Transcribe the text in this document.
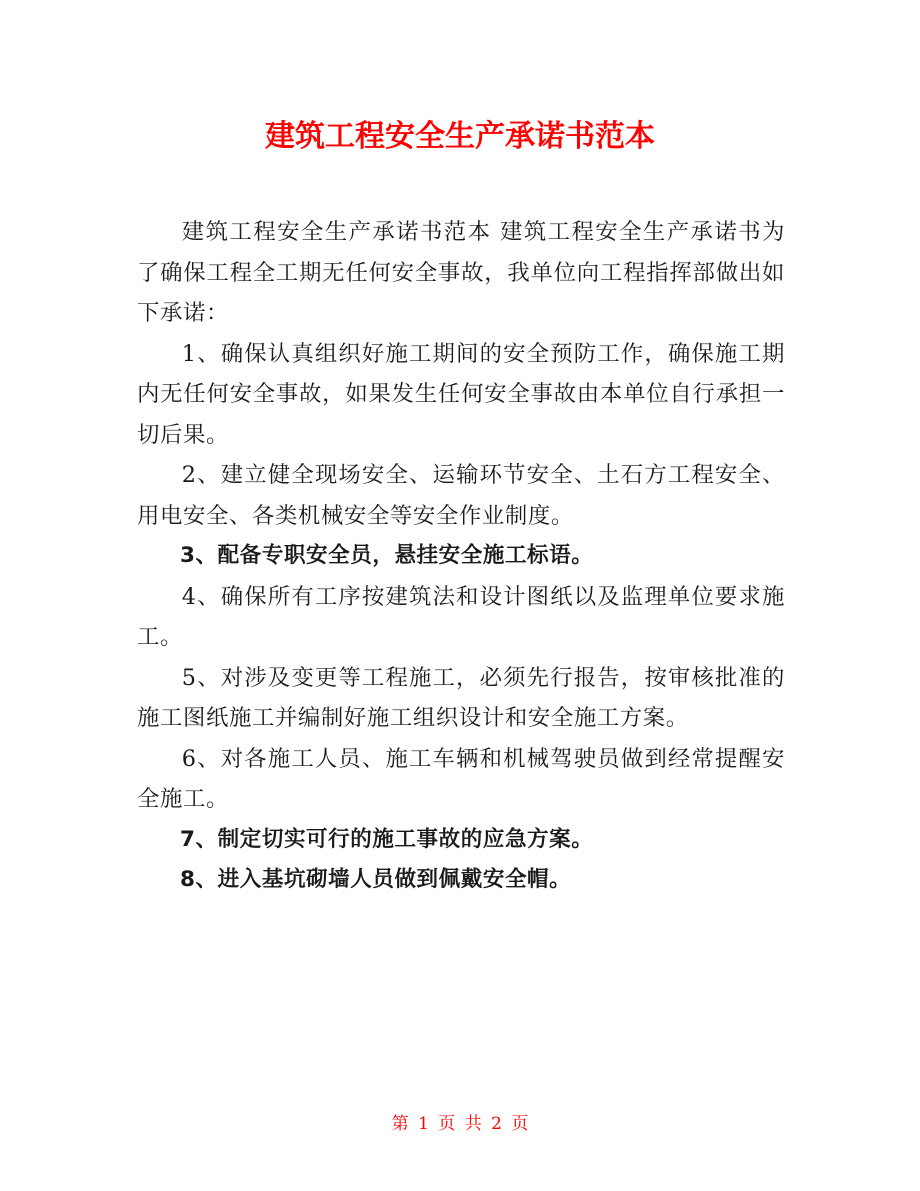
建筑工程安全生产承诺书范本

建筑工程安全生产承诺书范本 建筑工程安全生产承诺书为了确保工程全工期无任何安全事故，我单位向工程指挥部做出如下承诺：

1、确保认真组织好施工期间的安全预防工作，确保施工期内无任何安全事故，如果发生任何安全事故由本单位自行承担一切后果。

2、建立健全现场安全、运输环节安全、土石方工程安全、用电安全、各类机械安全等安全作业制度。

3、配备专职安全员，悬挂安全施工标语。

4、确保所有工序按建筑法和设计图纸以及监理单位要求施工。

5、对涉及变更等工程施工，必须先行报告，按审核批准的施工图纸施工并编制好施工组织设计和安全施工方案。

6、对各施工人员、施工车辆和机械驾驶员做到经常提醒安全施工。

7、制定切实可行的施工事故的应急方案。

8、进入基坑砌墙人员做到佩戴安全帽。

第 1 页 共 2 页
